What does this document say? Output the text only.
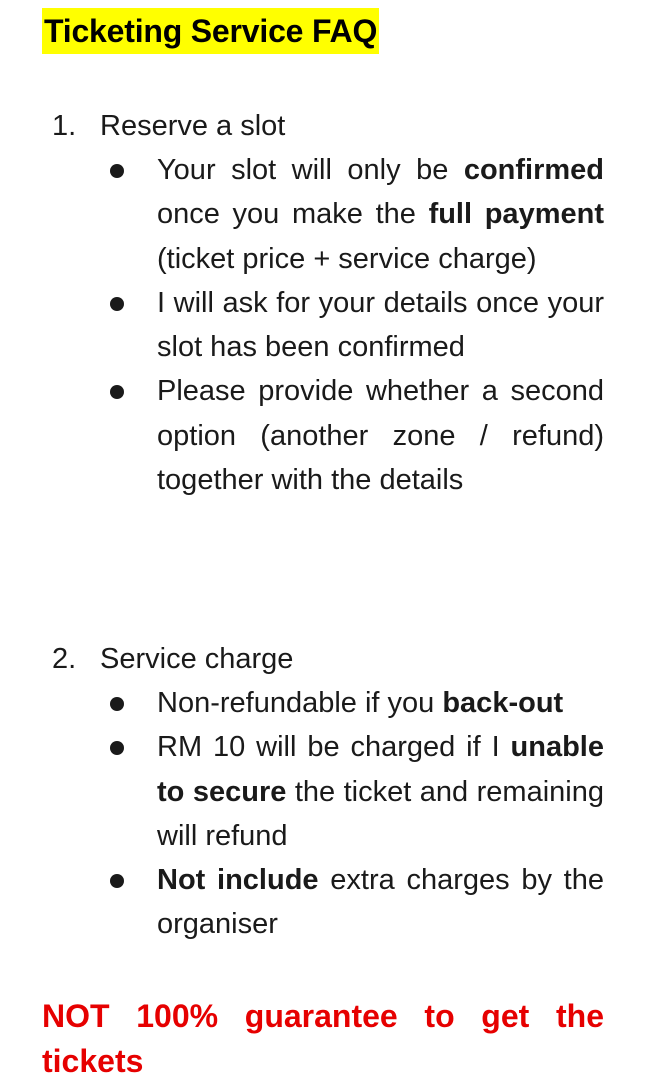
Ticketing Service FAQ
1. Reserve a slot
Your slot will only be confirmed once you make the full payment (ticket price + service charge)
I will ask for your details once your slot has been confirmed
Please provide whether a second option (another zone / refund) together with the details
2. Service charge
Non-refundable if you back-out
RM 10 will be charged if I unable to secure the ticket and remaining will refund
Not include extra charges by the organiser
NOT 100% guarantee to get the tickets
